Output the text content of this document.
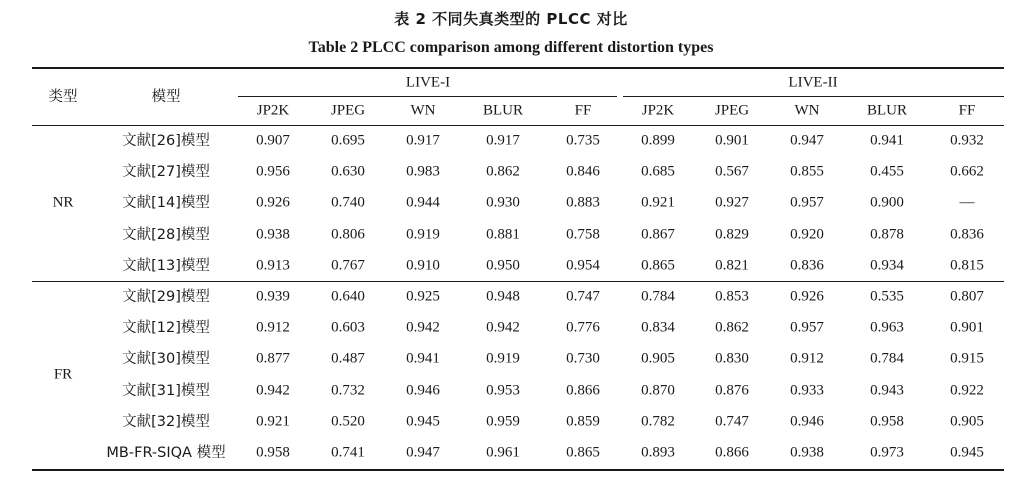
表 2 不同失真类型的 PLCC 对比
Table 2 PLCC comparison among different distortion types
类型	模型
LIVE-I	LIVE-II
JP2K	JPEG	WN	BLUR	FF	JP2K	JPEG	WN	BLUR	FF
文献[26]模型	0.907	0.695	0.917	0.917	0.735	0.899	0.901	0.947	0.941	0.932
文献[27]模型	0.956	0.630	0.983	0.862	0.846	0.685	0.567	0.855	0.455	0.662
文献[14]模型	0.926	0.740	0.944	0.930	0.883	0.921	0.927	0.957	0.900	—
文献[28]模型	0.938	0.806	0.919	0.881	0.758	0.867	0.829	0.920	0.878	0.836
文献[13]模型	0.913	0.767	0.910	0.950	0.954	0.865	0.821	0.836	0.934	0.815
NR
文献[29]模型	0.939	0.640	0.925	0.948	0.747	0.784	0.853	0.926	0.535	0.807
文献[12]模型	0.912	0.603	0.942	0.942	0.776	0.834	0.862	0.957	0.963	0.901
文献[30]模型	0.877	0.487	0.941	0.919	0.730	0.905	0.830	0.912	0.784	0.915
文献[31]模型	0.942	0.732	0.946	0.953	0.866	0.870	0.876	0.933	0.943	0.922
文献[32]模型	0.921	0.520	0.945	0.959	0.859	0.782	0.747	0.946	0.958	0.905
MB-FR-SIQA 模型 0.958	0.741	0.947	0.961	0.865	0.893	0.866	0.938	0.973	0.945
FR
